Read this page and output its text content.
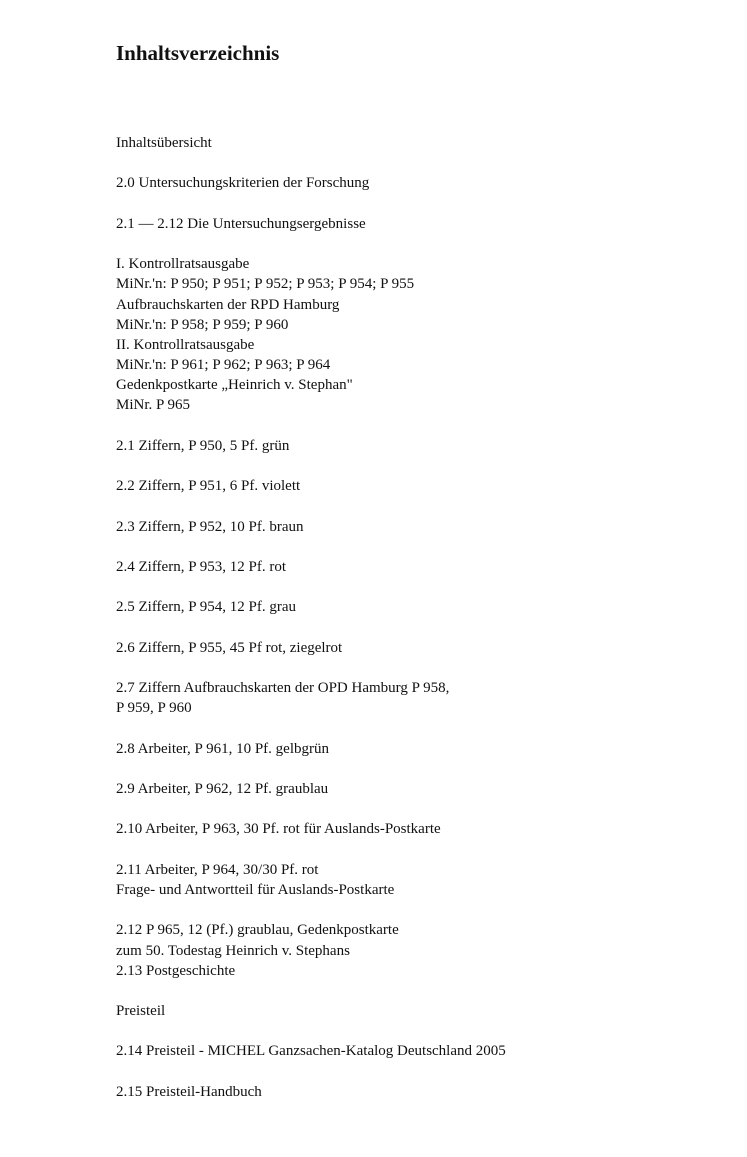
Inhaltsverzeichnis
Inhaltsübersicht
2.0 Untersuchungskriterien der Forschung
2.1 — 2.12 Die Untersuchungsergebnisse
I. Kontrollratsausgabe
MiNr.'n: P 950; P 951; P 952; P 953; P 954; P 955
Aufbrauchskarten der RPD Hamburg
MiNr.'n: P 958; P 959; P 960
II. Kontrollratsausgabe
MiNr.'n: P 961; P 962; P 963; P 964
Gedenkpostkarte „Heinrich v. Stephan"
MiNr. P 965
2.1 Ziffern, P 950, 5 Pf. grün
2.2 Ziffern, P 951, 6 Pf. violett
2.3 Ziffern, P 952, 10 Pf. braun
2.4 Ziffern, P 953, 12 Pf. rot
2.5 Ziffern, P 954, 12 Pf. grau
2.6 Ziffern, P 955, 45 Pf rot, ziegelrot
2.7 Ziffern Aufbrauchskarten der OPD Hamburg P 958,
P 959, P 960
2.8 Arbeiter, P 961, 10 Pf. gelbgrün
2.9 Arbeiter, P 962, 12 Pf. graublau
2.10 Arbeiter, P 963, 30 Pf. rot für Auslands-Postkarte
2.11 Arbeiter, P 964, 30/30 Pf. rot
Frage- und Antwortteil für Auslands-Postkarte
2.12 P 965, 12 (Pf.) graublau, Gedenkpostkarte
zum 50. Todestag Heinrich v. Stephans
2.13 Postgeschichte
Preisteil
2.14 Preisteil - MICHEL Ganzsachen-Katalog Deutschland 2005
2.15 Preisteil-Handbuch
